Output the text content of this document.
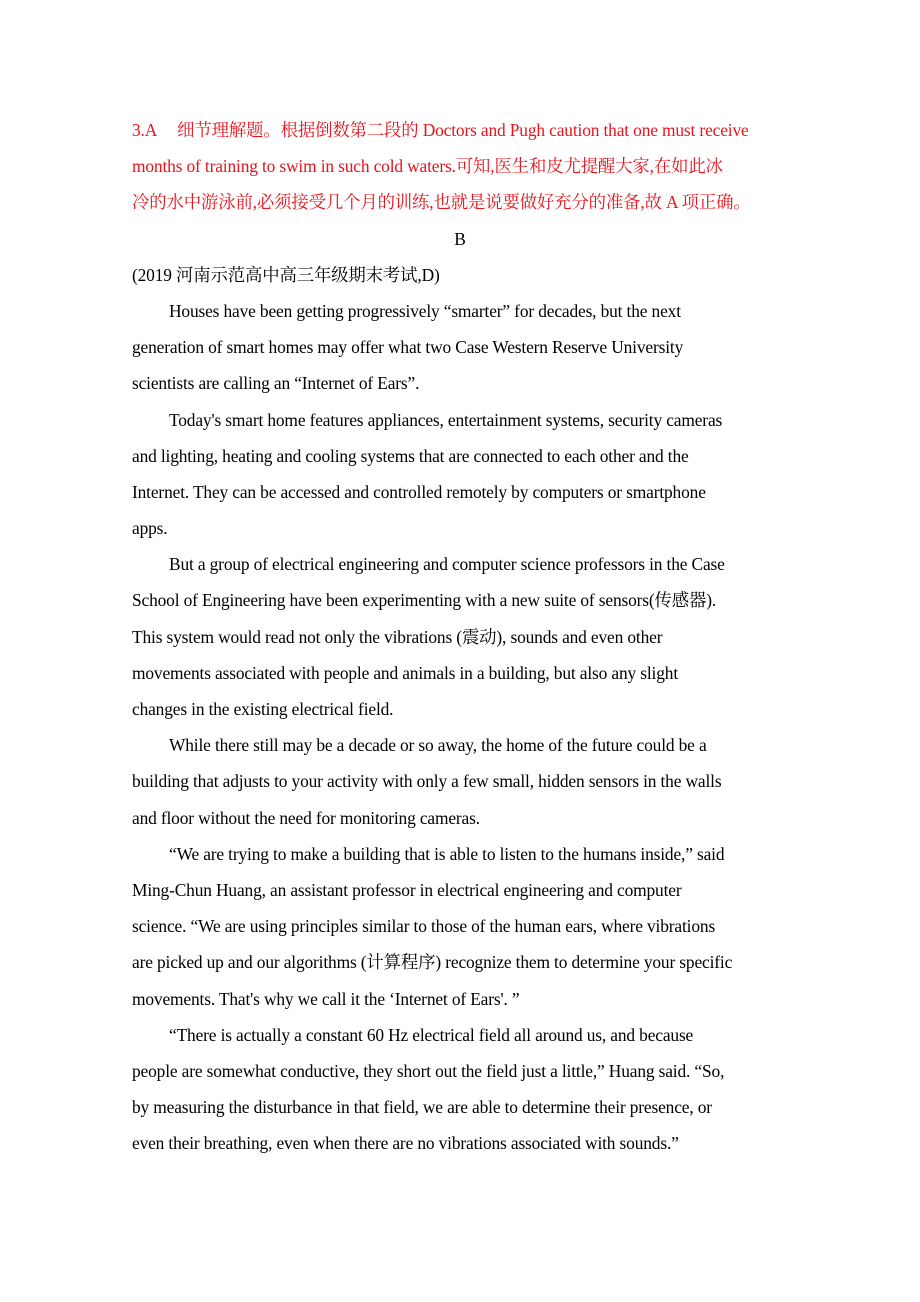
3.A 细节理解题。根据倒数第二段的 Doctors and Pugh caution that one must receive
months of training to swim in such cold waters.可知,医生和皮尤提醒大家,在如此冰
冷的水中游泳前,必须接受几个月的训练,也就是说要做好充分的准备,故 A 项正确。
B
(2019 河南示范高中高三年级期末考试,D)
Houses have been getting progressively “smarter” for decades, but the next
generation of smart homes may offer what two Case Western Reserve University
scientists are calling an “Internet of Ears”.
Today's smart home features appliances, entertainment systems, security cameras
and lighting, heating and cooling systems that are connected to each other and the
Internet. They can be accessed and controlled remotely by computers or smartphone
apps.
But a group of electrical engineering and computer science professors in the Case
School of Engineering have been experimenting with a new suite of sensors(传感器).
This system would read not only the vibrations (震动), sounds and even other
movements associated with people and animals in a building, but also any slight
changes in the existing electrical field.
While there still may be a decade or so away, the home of the future could be a
building that adjusts to your activity with only a few small, hidden sensors in the walls
and floor without the need for monitoring cameras.
“We are trying to make a building that is able to listen to the humans inside,” said
Ming-Chun Huang, an assistant professor in electrical engineering and computer
science. “We are using principles similar to those of the human ears, where vibrations
are picked up and our algorithms (计算程序) recognize them to determine your specific
movements. That's why we call it the ‘Internet of Ears'. ”
“There is actually a constant 60 Hz electrical field all around us, and because
people are somewhat conductive, they short out the field just a little,” Huang said. “So,
by measuring the disturbance in that field, we are able to determine their presence, or
even their breathing, even when there are no vibrations associated with sounds.”
